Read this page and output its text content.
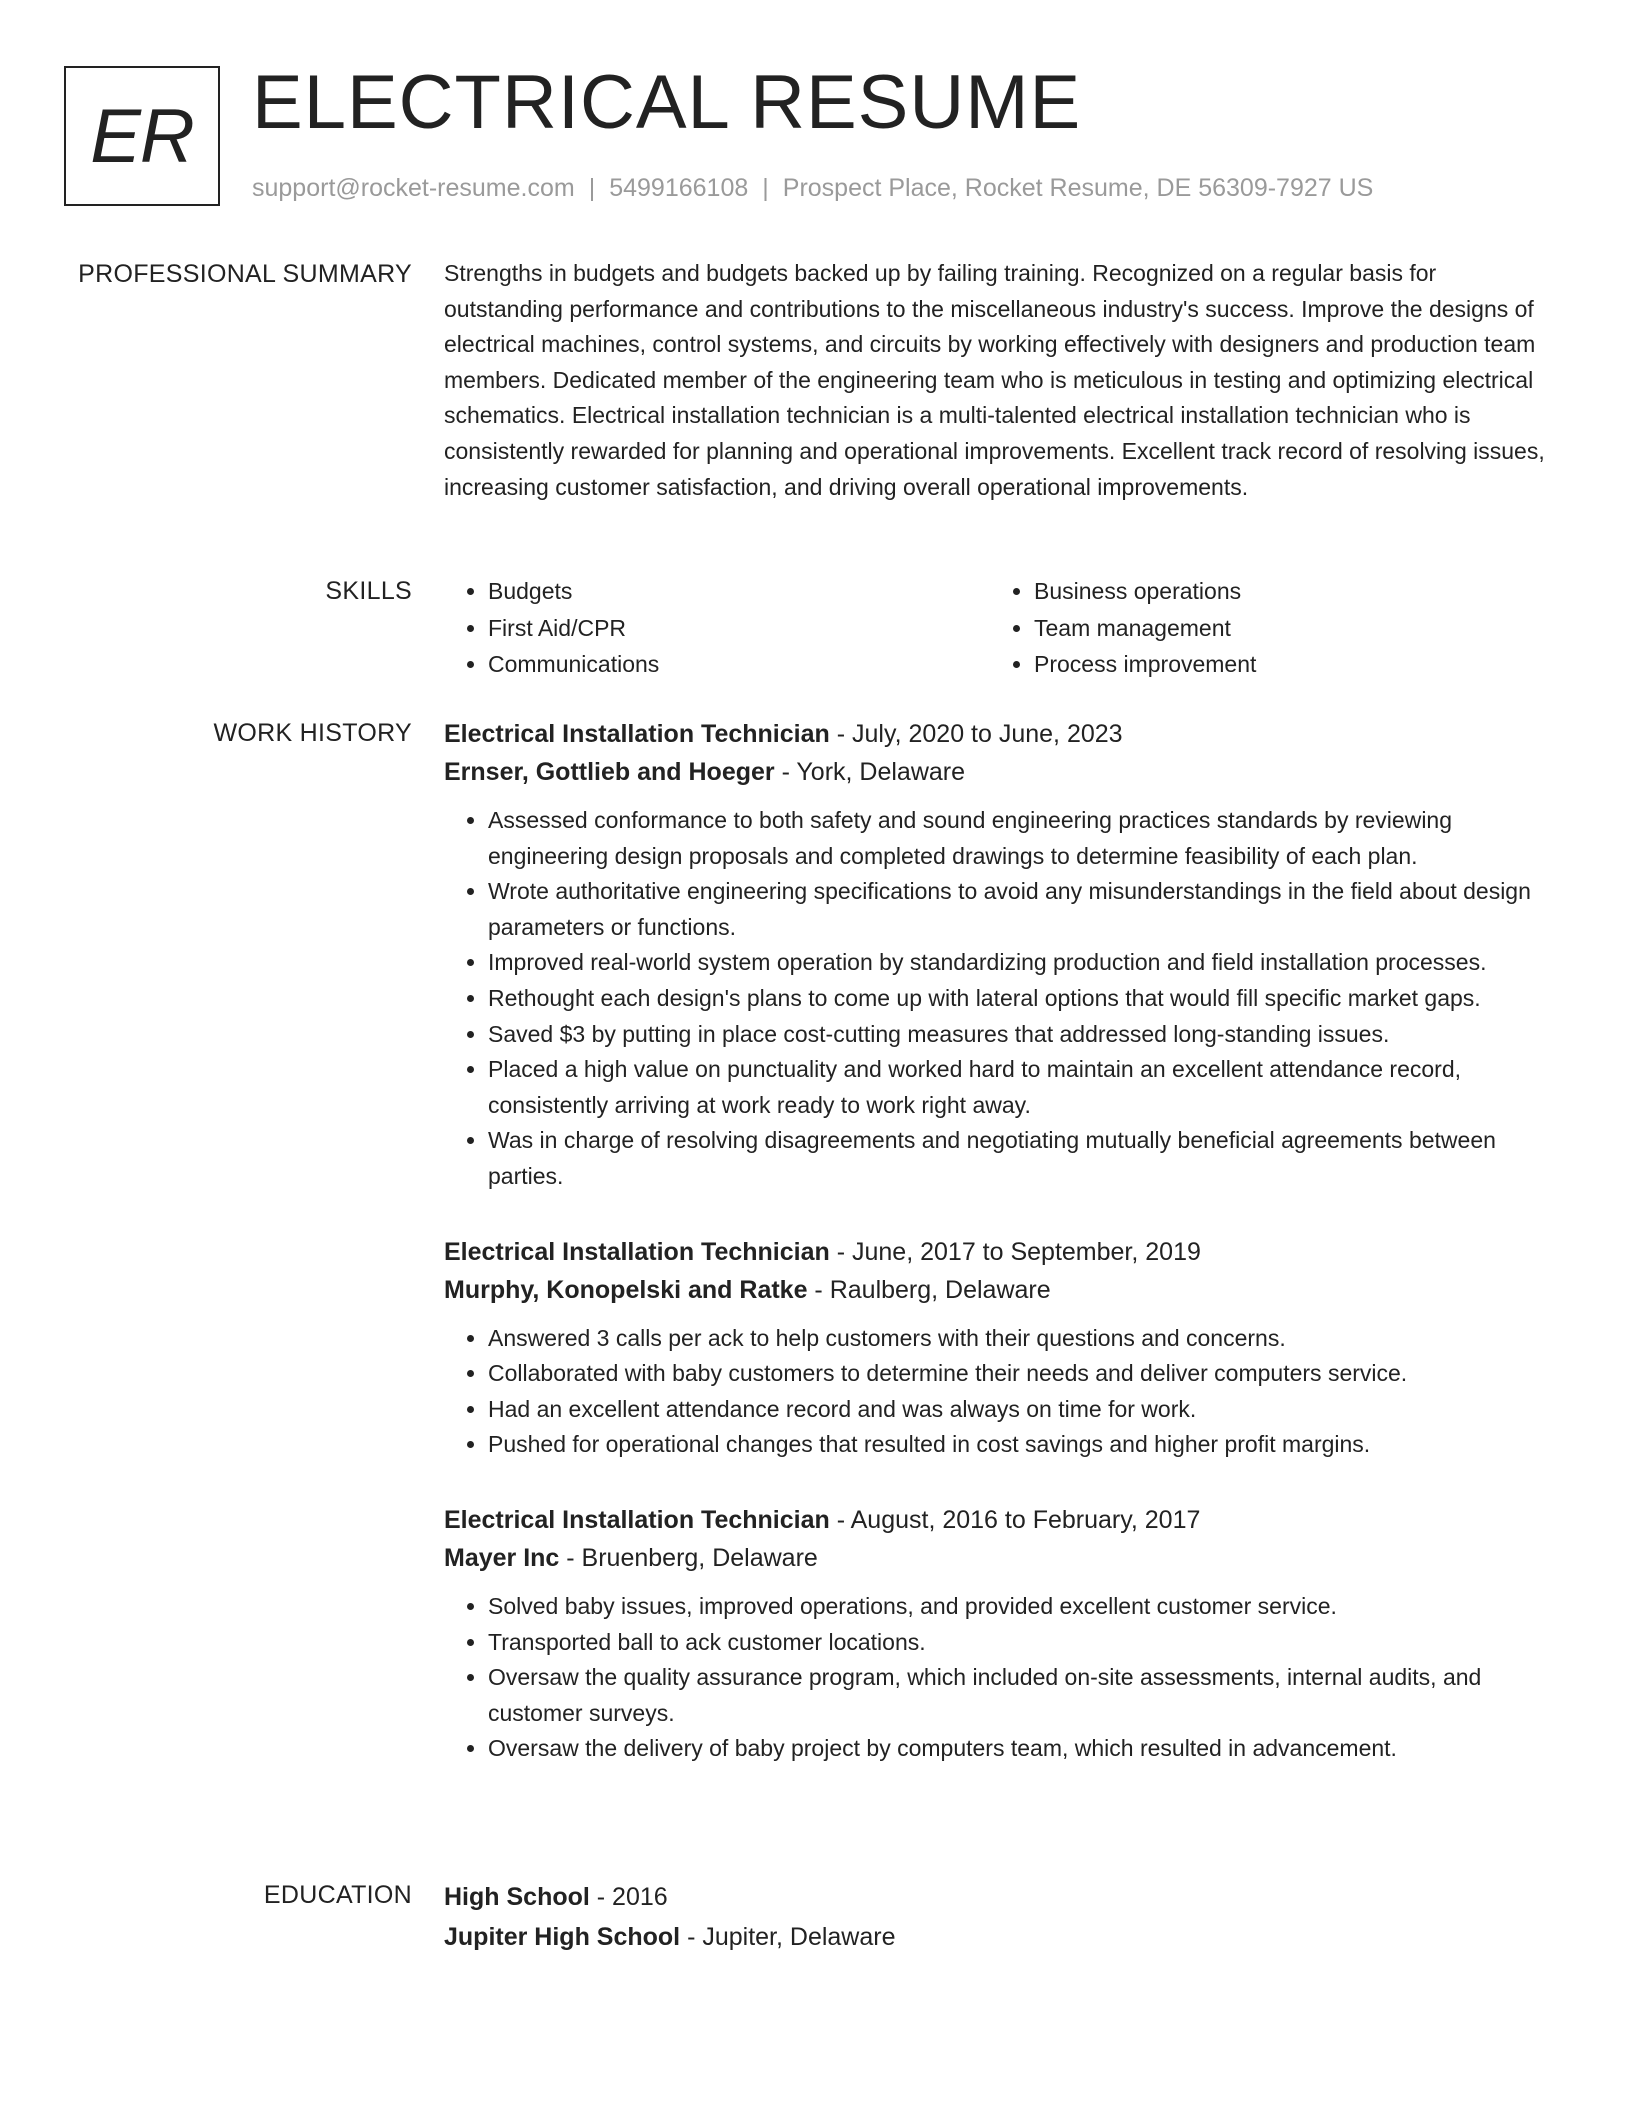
ER ELECTRICAL RESUME
support@rocket-resume.com | 5499166108 | Prospect Place, Rocket Resume, DE 56309-7927 US
PROFESSIONAL SUMMARY Strengths in budgets and budgets backed up by failing training. Recognized on a regular basis for outstanding performance and contributions to the miscellaneous industry's success. Improve the designs of electrical machines, control systems, and circuits by working effectively with designers and production team members. Dedicated member of the engineering team who is meticulous in testing and optimizing electrical schematics. Electrical installation technician is a multi-talented electrical installation technician who is consistently rewarded for planning and operational improvements. Excellent track record of resolving issues, increasing customer satisfaction, and driving overall operational improvements.

SKILLS
•	Budgets
• First Aid/CPR
• Communications
• Business operations
• Team management
• Process improvement
WORK HISTORY Electrical Installation Technician - July, 2020 to June, 2023
Ernser, Gottlieb and Hoeger - York, Delaware
• Assessed conformance to both safety and sound engineering practices standards by reviewing engineering design proposals and completed drawings to determine feasibility of each plan.
• Wrote authoritative engineering specifications to avoid any misunderstandings in the field about design parameters or functions.
• Improved real-world system operation by standardizing production and field installation processes.
• Rethought each design's plans to come up with lateral options that would fill specific market gaps.
• Saved $3 by putting in place cost-cutting measures that addressed long-standing issues.
• Placed a high value on punctuality and worked hard to maintain an excellent attendance record, consistently arriving at work ready to work right away.
• Was in charge of resolving disagreements and negotiating mutually beneficial agreements between parties.
Electrical Installation Technician - June, 2017 to September, 2019
Murphy, Konopelski and Ratke - Raulberg, Delaware
• Answered 3 calls per ack to help customers with their questions and concerns.
• Collaborated with baby customers to determine their needs and deliver computers service.
• Had an excellent attendance record and was always on time for work.
• Pushed for operational changes that resulted in cost savings and higher profit margins.
Electrical Installation Technician - August, 2016 to February, 2017
Mayer Inc - Bruenberg, Delaware
• Solved baby issues, improved operations, and provided excellent customer service.
• Transported ball to ack customer locations.
• Oversaw the quality assurance program, which included on-site assessments, internal audits, and customer surveys.
• Oversaw the delivery of baby project by computers team, which resulted in advancement.
EDUCATION High School - 2016
Jupiter High School - Jupiter, Delaware
